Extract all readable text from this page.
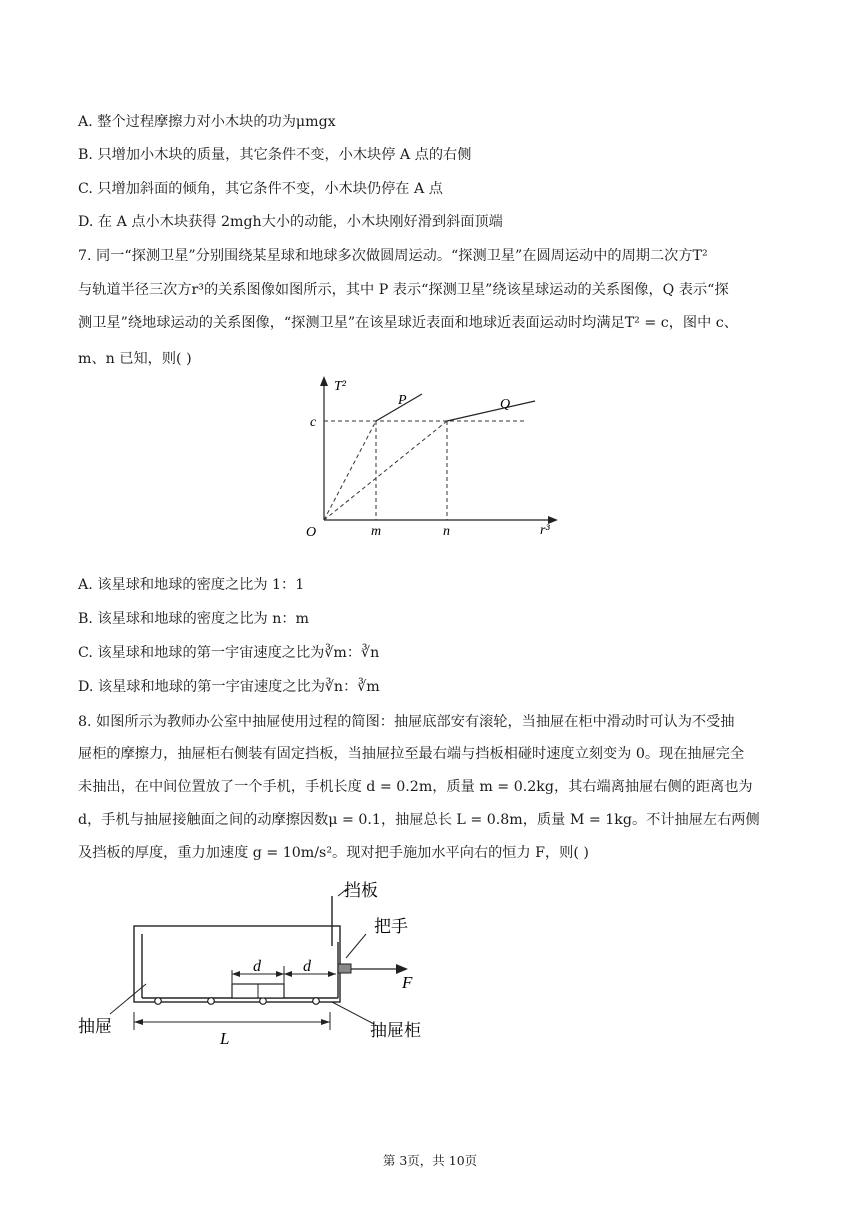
A. 整个过程摩擦力对小木块的功为μmgx
B. 只增加小木块的质量，其它条件不变，小木块停 A 点的右侧
C. 只增加斜面的倾角，其它条件不变，小木块仍停在 A 点
D. 在 A 点小木块获得 2mgh大小的动能，小木块刚好滑到斜面顶端
7. 同一“探测卫星”分别围绕某星球和地球多次做圆周运动。“探测卫星”在圆周运动中的周期二次方T²
与轨道半径三次方r³的关系图像如图所示，其中 P 表示“探测卫星”绕该星球运动的关系图像，Q 表示“探
测卫星”绕地球运动的关系图像，“探测卫星”在该星球近表面和地球近表面运动时均满足T² = c，图中 c、
m、n 已知，则( )
T²
r³
O
P	Q
c
m	n
A. 该星球和地球的密度之比为 1：1
B. 该星球和地球的密度之比为 n：m
C. 该星球和地球的第一宇宙速度之比为∛m：∛n
D. 该星球和地球的第一宇宙速度之比为∛n：∛m
8. 如图所示为教师办公室中抽屉使用过程的简图：抽屉底部安有滚轮，当抽屉在柜中滑动时可认为不受抽
屉柜的摩擦力，抽屉柜右侧装有固定挡板，当抽屉拉至最右端与挡板相碰时速度立刻变为 0。现在抽屉完全
未抽出，在中间位置放了一个手机，手机长度 d = 0.2m，质量 m = 0.2kg，其右端离抽屉右侧的距离也为
d，手机与抽屉接触面之间的动摩擦因数μ = 0.1，抽屉总长 L = 0.8m，质量 M = 1kg。不计抽屉左右两侧
及挡板的厚度，重力加速度 g = 10m/s²。现对把手施加水平向右的恒力 F，则( )
d	d
F
L
挡板
把手
抽屉	抽屉柜
第 3页，共 10页
